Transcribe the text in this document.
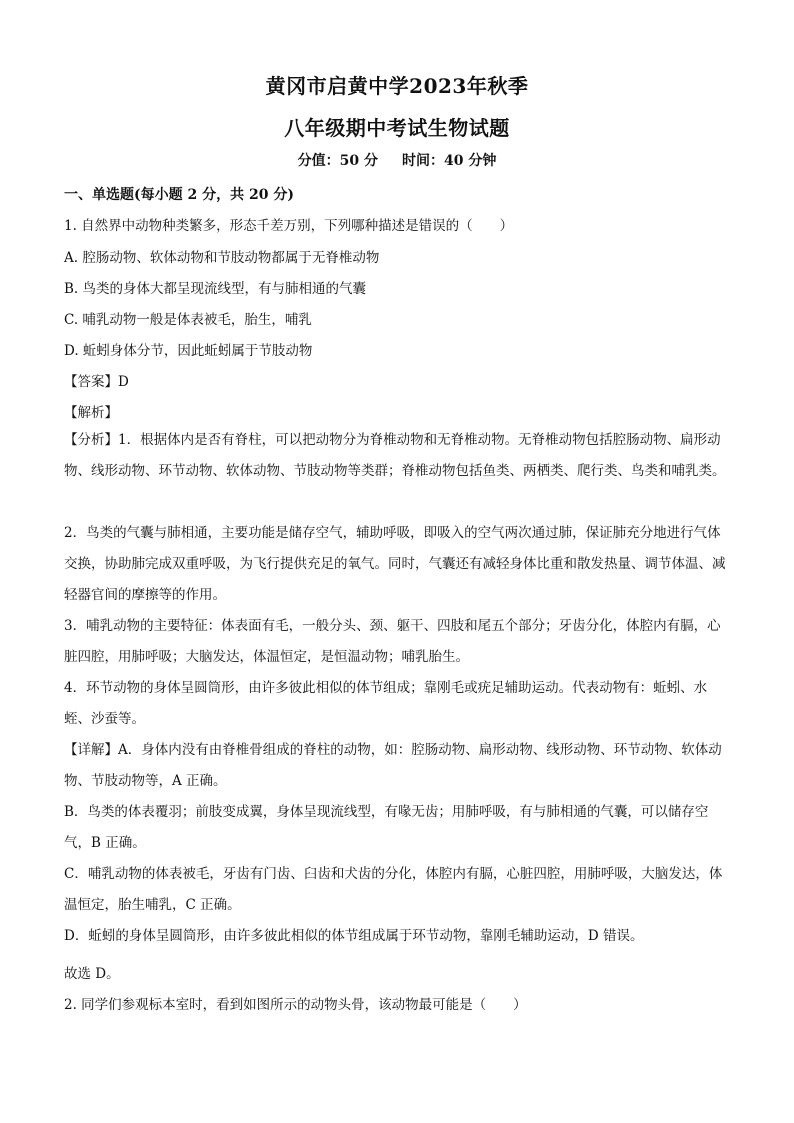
黄冈市启黄中学2023年秋季
八年级期中考试生物试题
分值：50 分 时间：40 分钟
一、单选题(每小题 2 分，共 20 分)
1. 自然界中动物种类繁多，形态千差万别，下列哪种描述是错误的（　　）
A. 腔肠动物、软体动物和节肢动物都属于无脊椎动物
B. 鸟类的身体大都呈现流线型，有与肺相通的气囊
C. 哺乳动物一般是体表被毛，胎生，哺乳
D. 蚯蚓身体分节，因此蚯蚓属于节肢动物
【答案】D
【解析】
【分析】1．根据体内是否有脊柱，可以把动物分为脊椎动物和无脊椎动物。无脊椎动物包括腔肠动物、扁形动物、线形动物、环节动物、软体动物、节肢动物等类群；脊椎动物包括鱼类、两栖类、爬行类、鸟类和哺乳类。
2．鸟类的气囊与肺相通，主要功能是储存空气，辅助呼吸，即吸入的空气两次通过肺，保证肺充分地进行气体交换，协助肺完成双重呼吸，为飞行提供充足的氧气。同时，气囊还有减轻身体比重和散发热量、调节体温、减轻器官间的摩擦等的作用。
3．哺乳动物的主要特征：体表面有毛，一般分头、颈、躯干、四肢和尾五个部分；牙齿分化，体腔内有膈，心脏四腔，用肺呼吸；大脑发达，体温恒定，是恒温动物；哺乳胎生。
4．环节动物的身体呈圆筒形，由许多彼此相似的体节组成；靠刚毛或疣足辅助运动。代表动物有：蚯蚓、水蛭、沙蚕等。
【详解】A．身体内没有由脊椎骨组成的脊柱的动物，如：腔肠动物、扁形动物、线形动物、环节动物、软体动物、节肢动物等，A 正确。
B．鸟类的体表覆羽；前肢变成翼，身体呈现流线型，有喙无齿；用肺呼吸，有与肺相通的气囊，可以储存空气，B 正确。
C．哺乳动物的体表被毛，牙齿有门齿、臼齿和犬齿的分化，体腔内有膈，心脏四腔，用肺呼吸，大脑发达，体温恒定，胎生哺乳，C 正确。
D．蚯蚓的身体呈圆筒形，由许多彼此相似的体节组成属于环节动物，靠刚毛辅助运动，D 错误。
故选 D。
2. 同学们参观标本室时，看到如图所示的动物头骨，该动物最可能是（　　）
